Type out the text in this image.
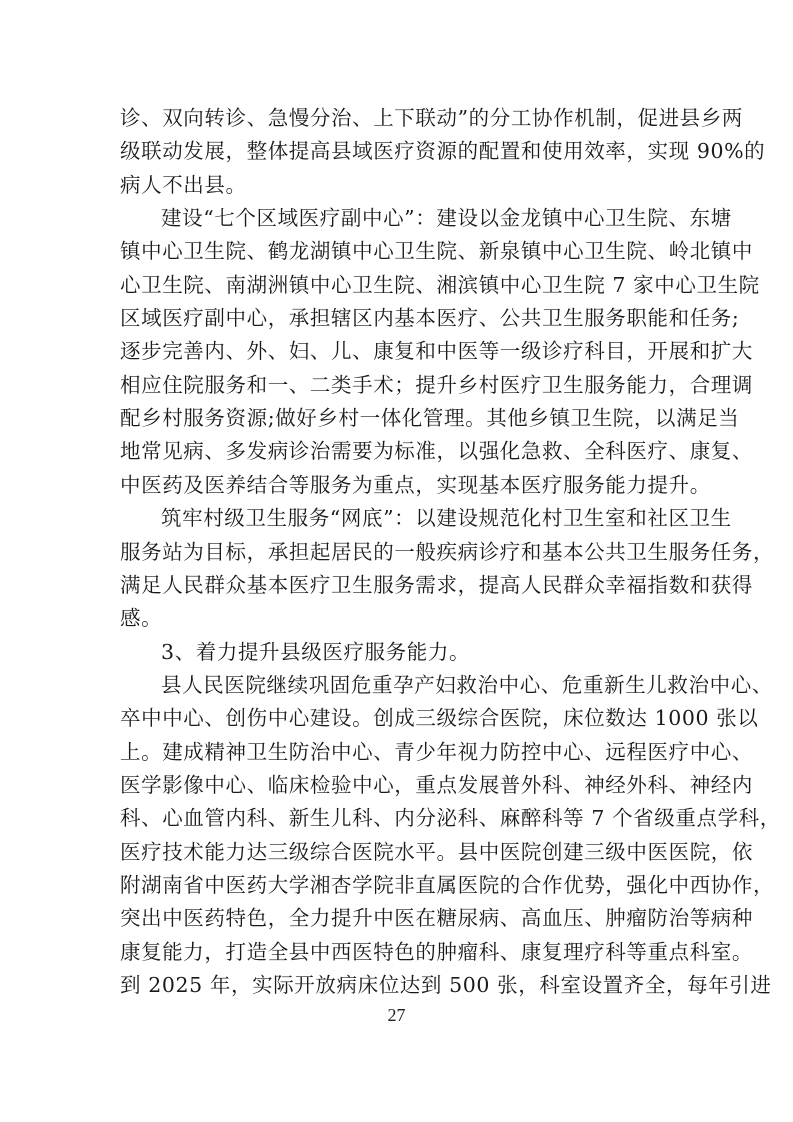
诊、双向转诊、急慢分治、上下联动”的分工协作机制，促进县乡两
级联动发展，整体提高县域医疗资源的配置和使用效率，实现 90%的
病人不出县。
建设“七个区域医疗副中心”：建设以金龙镇中心卫生院、东塘
镇中心卫生院、鹤龙湖镇中心卫生院、新泉镇中心卫生院、岭北镇中
心卫生院、南湖洲镇中心卫生院、湘滨镇中心卫生院 7 家中心卫生院
区域医疗副中心，承担辖区内基本医疗、公共卫生服务职能和任务;
逐步完善内、外、妇、儿、康复和中医等一级诊疗科目，开展和扩大
相应住院服务和一、二类手术；提升乡村医疗卫生服务能力，合理调
配乡村服务资源;做好乡村一体化管理。其他乡镇卫生院，以满足当
地常见病、多发病诊治需要为标准，以强化急救、全科医疗、康复、
中医药及医养结合等服务为重点，实现基本医疗服务能力提升。
筑牢村级卫生服务“网底”：以建设规范化村卫生室和社区卫生
服务站为目标，承担起居民的一般疾病诊疗和基本公共卫生服务任务，
满足人民群众基本医疗卫生服务需求，提高人民群众幸福指数和获得
感。
3、着力提升县级医疗服务能力。
县人民医院继续巩固危重孕产妇救治中心、危重新生儿救治中心、
卒中中心、创伤中心建设。创成三级综合医院，床位数达 1000 张以
上。建成精神卫生防治中心、青少年视力防控中心、远程医疗中心、
医学影像中心、临床检验中心，重点发展普外科、神经外科、神经内
科、心血管内科、新生儿科、内分泌科、麻醉科等 7 个省级重点学科，
医疗技术能力达三级综合医院水平。县中医院创建三级中医医院，依
附湖南省中医药大学湘杏学院非直属医院的合作优势，强化中西协作，
突出中医药特色，全力提升中医在糖尿病、高血压、肿瘤防治等病种
康复能力，打造全县中西医特色的肿瘤科、康复理疗科等重点科室。
到 2025 年，实际开放病床位达到 500 张，科室设置齐全，每年引进
27
